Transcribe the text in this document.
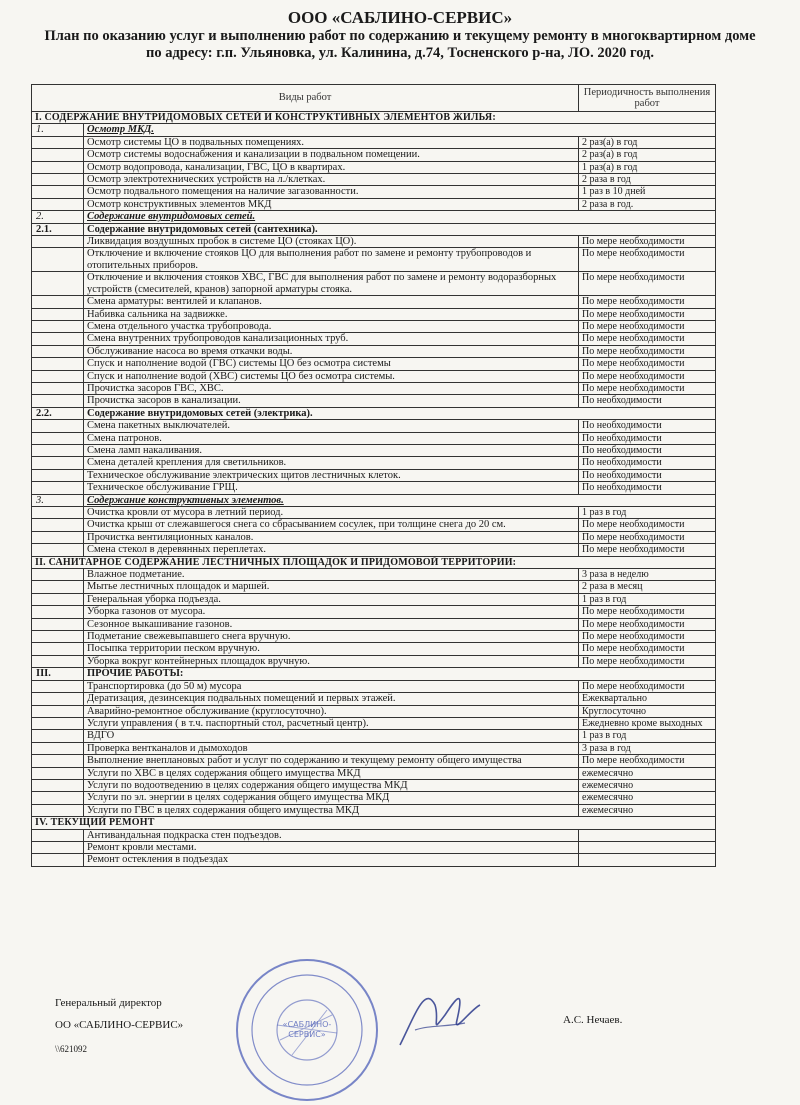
ООО «САБЛИНО-СЕРВИС»
План по оказанию услуг и выполнению работ по содержанию и текущему ремонту в многоквартирном доме по адресу: г.п. Ульяновка, ул. Калинина, д.74, Тосненского р-на, ЛО. 2020 год.
Виды работ		Периодичность выполнения работ
I. СОДЕРЖАНИЕ ВНУТРИДОМОВЫХ СЕТЕЙ И КОНСТРУКТИВНЫХ ЭЛЕМЕНТОВ ЖИЛЬЯ:		
1.	Осмотр МКД.	
	Осмотр системы ЦО в подвальных помещениях.	2 раз(а) в год
	Осмотр системы водоснабжения и канализации в подвальном помещении.	2 раз(а) в год
	Осмотр водопровода, канализации, ГВС, ЦО в квартирах.	1 раз(а) в год
	Осмотр электротехнических устройств на л./клетках.	2 раза в год
	Осмотр подвального помещения на наличие загазованности.	1 раз в 10 дней
	Осмотр конструктивных элементов МКД	2 раза в год.
2.	Содержание внутридомовых сетей.	
2.1.	Содержание внутридомовых сетей (сантехника).	
	Ликвидация воздушных пробок в системе ЦО (стояках ЦО).	По мере необходимости
	Отключение и включение стояков ЦО для выполнения работ по замене и ремонту трубопроводов и отопительных приборов.	По мере необходимости
	Отключение и включения стояков ХВС, ГВС для выполнения работ по замене и ремонту водоразборных устройств (смесителей, кранов) запорной арматуры стояка.	По мере необходимости
	Смена арматуры: вентилей и клапанов.	По мере необходимости
	Набивка сальника на задвижке.	По мере необходимости
	Смена отдельного участка трубопровода.	По мере необходимости
	Смена внутренних трубопроводов канализационных труб.	По мере необходимости
	Обслуживание насоса во время откачки воды.	По мере необходимости
	Спуск и наполнение водой (ГВС) системы ЦО без осмотра системы	По мере необходимости
	Спуск и наполнение водой (ХВС) системы ЦО без осмотра системы.	По мере необходимости
	Прочистка засоров ГВС, ХВС.	По мере необходимости
	Прочистка засоров в канализации.	По необходимости
2.2.	Содержание внутридомовых сетей (электрика).	
	Смена пакетных выключателей.	По необходимости
	Смена патронов.	По необходимости
	Смена ламп накаливания.	По необходимости
	Смена деталей крепления для светильников.	По необходимости
	Техническое обслуживание электрических щитов лестничных клеток.	По необходимости
	Техническое обслуживание ГРЩ.	По необходимости
3.	Содержание конструктивных элементов.	
	Очистка кровли от мусора в летний период.	1 раз в год
	Очистка крыш от слежавшегося снега со сбрасыванием сосулек, при толщине снега до 20 см.	По мере необходимости
	Прочистка вентиляционных каналов.	По мере необходимости
	Смена стекол в деревянных переплетах.	По мере необходимости
II. САНИТАРНОЕ СОДЕРЖАНИЕ ЛЕСТНИЧНЫХ ПЛОЩАДОК И ПРИДОМОВОЙ ТЕРРИТОРИИ:		
	Влажное подметание.	3 раза в неделю
	Мытье лестничных площадок и маршей.	2 раза в месяц
	Генеральная уборка подъезда.	1 раз в год
	Уборка газонов от мусора.	По мере необходимости
	Сезонное выкашивание газонов.	По мере необходимости
	Подметание свежевыпавшего снега вручную.	По мере необходимости
	Посыпка территории песком вручную.	По мере необходимости
	Уборка вокруг контейнерных площадок вручную.	По мере необходимости
III.	ПРОЧИЕ РАБОТЫ:	
	Транспортировка (до 50 м) мусора	По мере необходимости
	Дератизация, дезинсекция подвальных помещений и первых этажей.	Ежеквартально
	Аварийно-ремонтное обслуживание (круглосуточно).	Круглосуточно
	Услуги управления ( в т.ч. паспортный стол, расчетный центр).	Ежедневно кроме выходных
	ВДГО	1 раз в год
	Проверка вентканалов и дымоходов	3 раза в год
	Выполнение внеплановых работ и услуг по содержанию и текущему ремонту общего имущества	По мере необходимости
	Услуги по ХВС в целях содержания общего имущества МКД	ежемесячно
	Услуги по водоотведению в целях содержания общего имущества МКД	ежемесячно
	Услуги по эл. энергии в целях содержания общего имущества МКД	ежемесячно
	Услуги по ГВС в целях содержания общего имущества МКД	ежемесячно
IV. ТЕКУЩИЙ РЕМОНТ		
	Антивандальная подкраска стен подъездов.	
	Ремонт кровли местами.	
	Ремонт остекления в подъездах	
Генеральный директор
ОО «САБЛИНО-СЕРВИС»	А.С. Нечаев.
\\621092
«САБЛИНО-
СЕРВИС»
